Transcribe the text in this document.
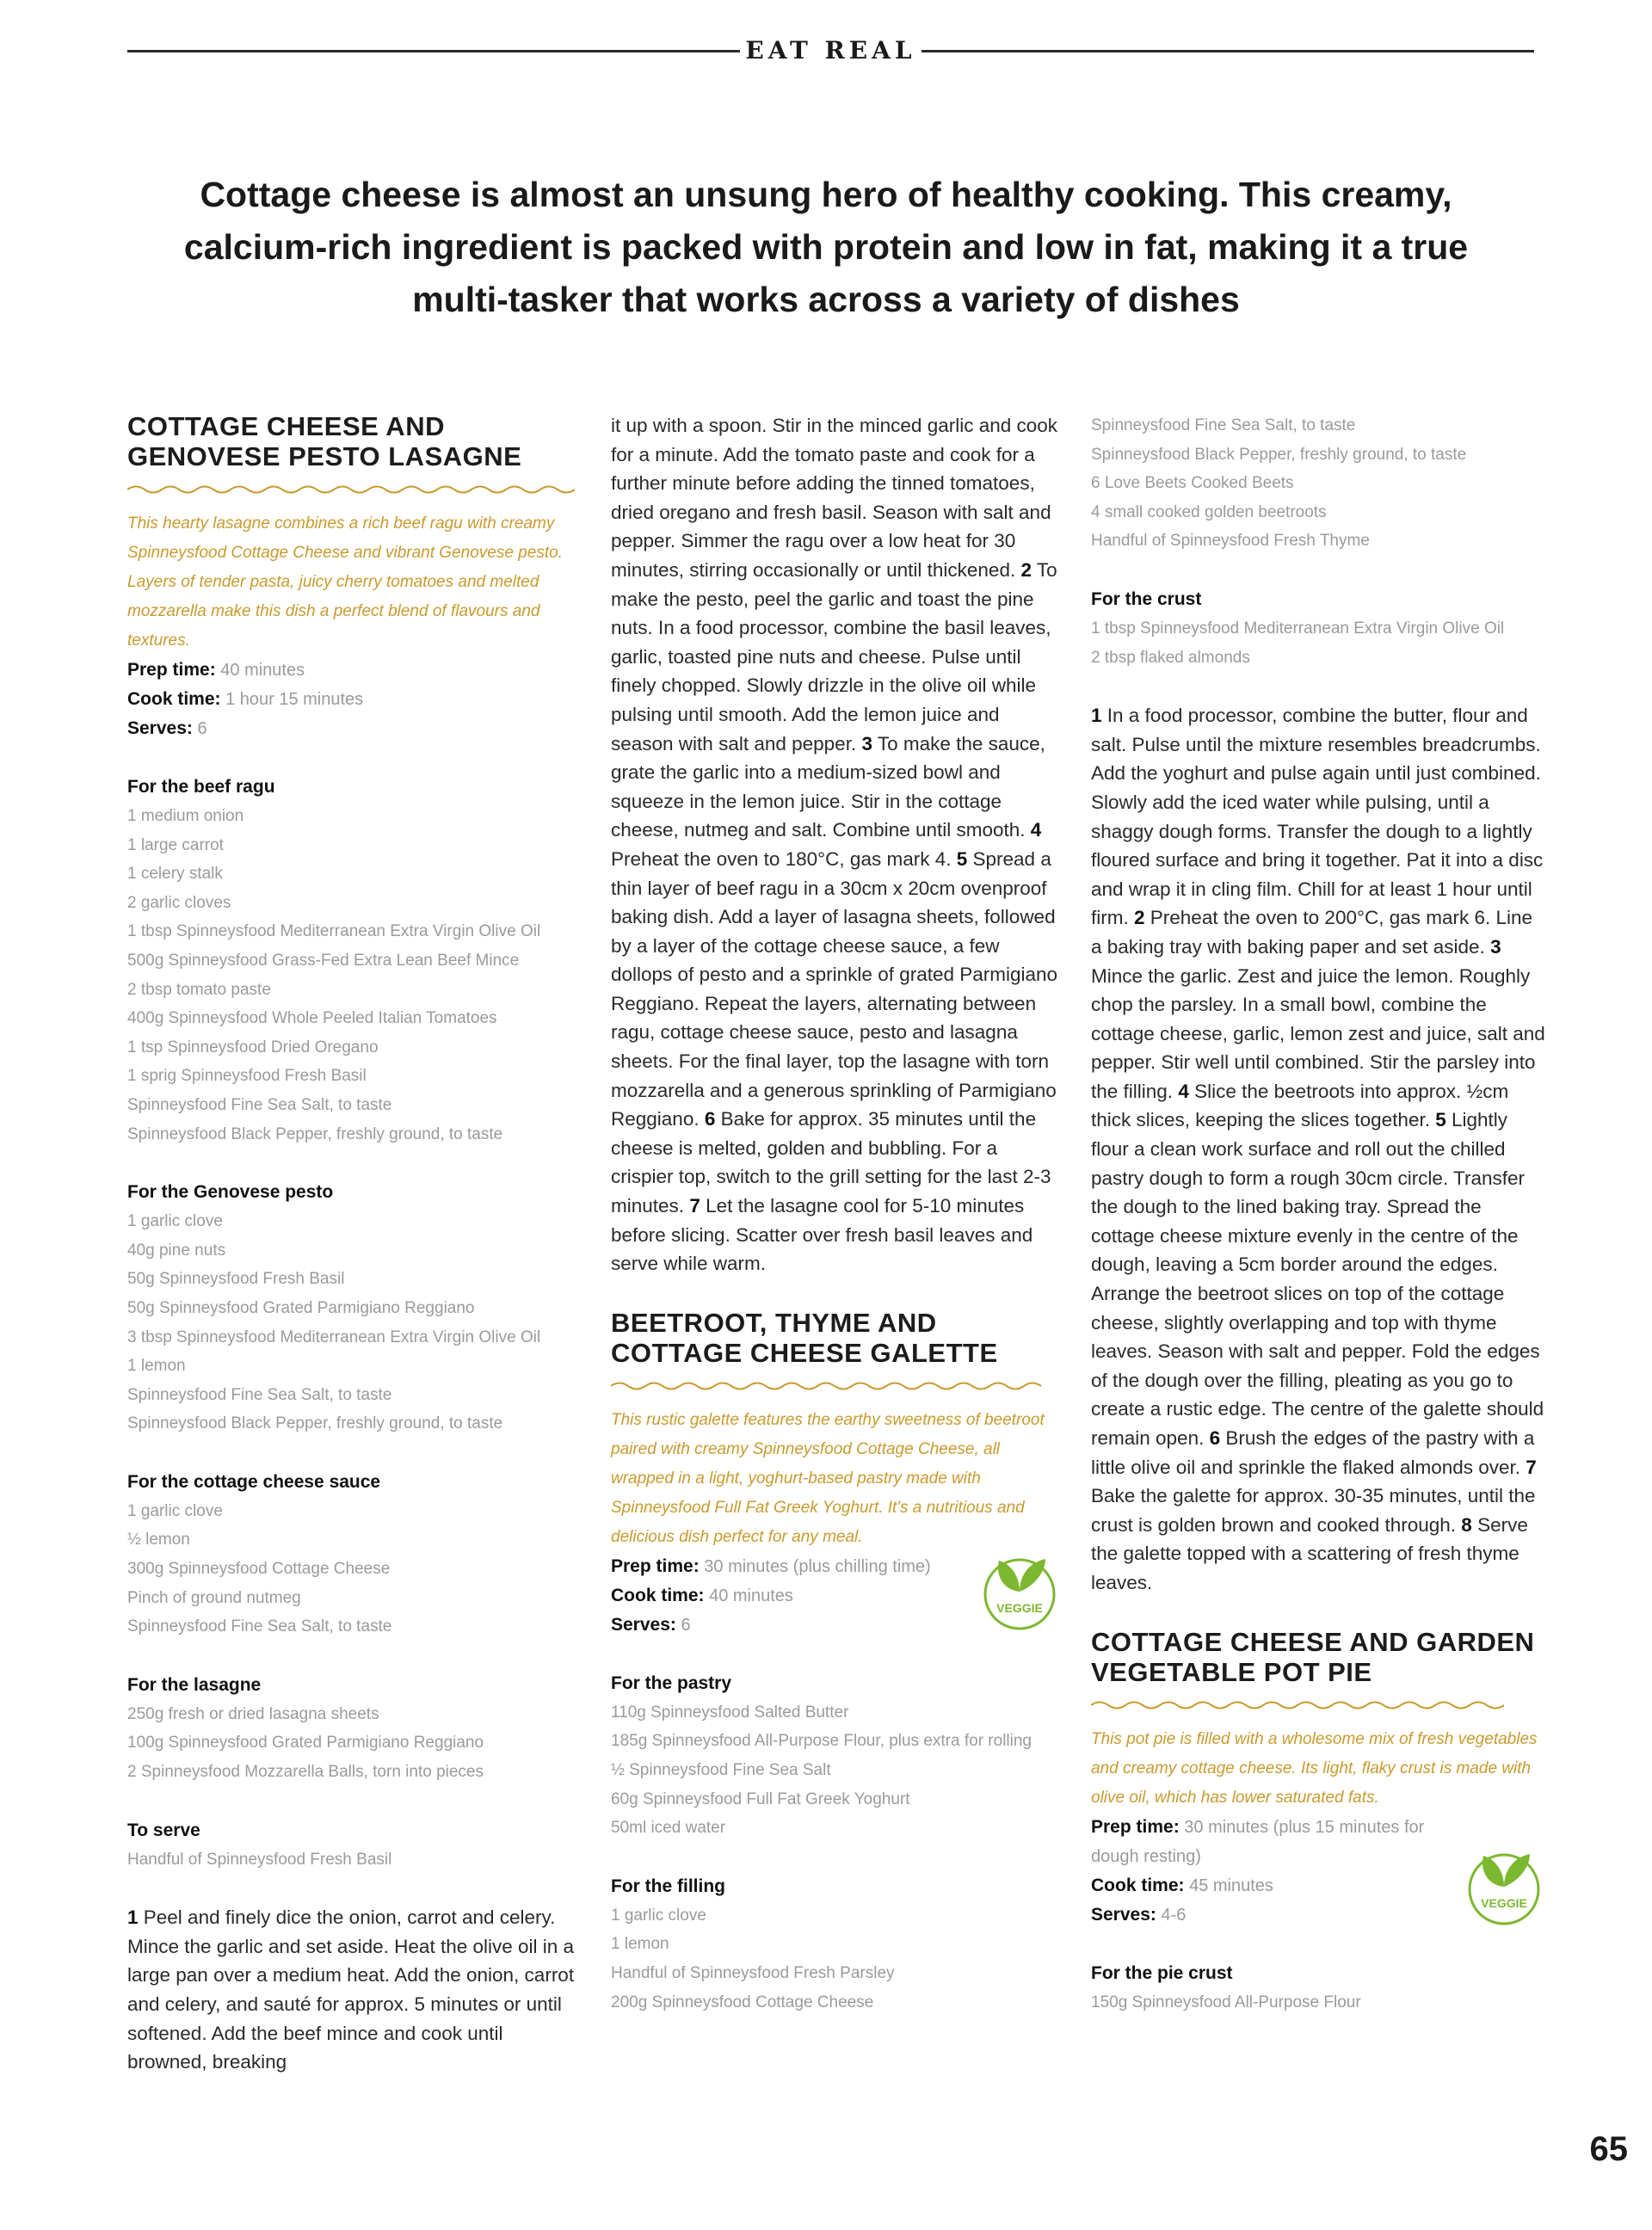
EAT REAL
Cottage cheese is almost an unsung hero of healthy cooking. This creamy, calcium-rich ingredient is packed with protein and low in fat, making it a true multi-tasker that works across a variety of dishes
COTTAGE CHEESE AND GENOVESE PESTO LASAGNE

This hearty lasagne combines a rich beef ragu with creamy Spinneysfood Cottage Cheese and vibrant Genovese pesto. Layers of tender pasta, juicy cherry tomatoes and melted mozzarella make this dish a perfect blend of flavours and textures.

Prep time: 40 minutes
Cook time: 1 hour 15 minutes
Serves: 6
For the beef ragu
1 medium onion
1 large carrot
1 celery stalk
2 garlic cloves
1 tbsp Spinneysfood Mediterranean Extra Virgin Olive Oil
500g Spinneysfood Grass-Fed Extra Lean Beef Mince
2 tbsp tomato paste
400g Spinneysfood Whole Peeled Italian Tomatoes
1 tsp Spinneysfood Dried Oregano
1 sprig Spinneysfood Fresh Basil
Spinneysfood Fine Sea Salt, to taste
Spinneysfood Black Pepper, freshly ground, to taste
For the Genovese pesto
1 garlic clove
40g pine nuts
50g Spinneysfood Fresh Basil
50g Spinneysfood Grated Parmigiano Reggiano
3 tbsp Spinneysfood Mediterranean Extra Virgin Olive Oil
1 lemon
Spinneysfood Fine Sea Salt, to taste
Spinneysfood Black Pepper, freshly ground, to taste
For the cottage cheese sauce
1 garlic clove
½ lemon
300g Spinneysfood Cottage Cheese
Pinch of ground nutmeg
Spinneysfood Fine Sea Salt, to taste
For the lasagne
250g fresh or dried lasagna sheets
100g Spinneysfood Grated Parmigiano Reggiano
2 Spinneysfood Mozzarella Balls, torn into pieces
To serve
Handful of Spinneysfood Fresh Basil
1 Peel and finely dice the onion, carrot and celery. Mince the garlic and set aside. Heat the olive oil in a large pan over a medium heat. Add the onion, carrot and celery, and sauté for approx. 5 minutes or until softened. Add the beef mince and cook until browned, breaking
it up with a spoon. Stir in the minced garlic and cook for a minute. Add the tomato paste and cook for a further minute before adding the tinned tomatoes, dried oregano and fresh basil. Season with salt and pepper. Simmer the ragu over a low heat for 30 minutes, stirring occasionally or until thickened. 2 To make the pesto, peel the garlic and toast the pine nuts. In a food processor, combine the basil leaves, garlic, toasted pine nuts and cheese. Pulse until finely chopped. Slowly drizzle in the olive oil while pulsing until smooth. Add the lemon juice and season with salt and pepper. 3 To make the sauce, grate the garlic into a medium-sized bowl and squeeze in the lemon juice. Stir in the cottage cheese, nutmeg and salt. Combine until smooth. 4 Preheat the oven to 180°C, gas mark 4. 5 Spread a thin layer of beef ragu in a 30cm x 20cm ovenproof baking dish. Add a layer of lasagna sheets, followed by a layer of the cottage cheese sauce, a few dollops of pesto and a sprinkle of grated Parmigiano Reggiano. Repeat the layers, alternating between ragu, cottage cheese sauce, pesto and lasagna sheets. For the final layer, top the lasagne with torn mozzarella and a generous sprinkling of Parmigiano Reggiano. 6 Bake for approx. 35 minutes until the cheese is melted, golden and bubbling. For a crispier top, switch to the grill setting for the last 2-3 minutes. 7 Let the lasagne cool for 5-10 minutes before slicing. Scatter over fresh basil leaves and serve while warm.
BEETROOT, THYME AND COTTAGE CHEESE GALETTE

This rustic galette features the earthy sweetness of beetroot paired with creamy Spinneysfood Cottage Cheese, all wrapped in a light, yoghurt-based pastry made with Spinneysfood Full Fat Greek Yoghurt. It's a nutritious and delicious dish perfect for any meal.

Prep time: 30 minutes (plus chilling time)
Cook time: 40 minutes
Serves: 6
VEGGIE
For the pastry
110g Spinneysfood Salted Butter
185g Spinneysfood All-Purpose Flour, plus extra for rolling
½ Spinneysfood Fine Sea Salt
60g Spinneysfood Full Fat Greek Yoghurt
50ml iced water
For the filling
1 garlic clove
1 lemon
Handful of Spinneysfood Fresh Parsley
200g Spinneysfood Cottage Cheese
Spinneysfood Fine Sea Salt, to taste
Spinneysfood Black Pepper, freshly ground, to taste
6 Love Beets Cooked Beets
4 small cooked golden beetroots
Handful of Spinneysfood Fresh Thyme
For the crust
1 tbsp Spinneysfood Mediterranean Extra Virgin Olive Oil
2 tbsp flaked almonds
1 In a food processor, combine the butter, flour and salt. Pulse until the mixture resembles breadcrumbs. Add the yoghurt and pulse again until just combined. Slowly add the iced water while pulsing, until a shaggy dough forms. Transfer the dough to a lightly floured surface and bring it together. Pat it into a disc and wrap it in cling film. Chill for at least 1 hour until firm. 2 Preheat the oven to 200°C, gas mark 6. Line a baking tray with baking paper and set aside. 3 Mince the garlic. Zest and juice the lemon. Roughly chop the parsley. In a small bowl, combine the cottage cheese, garlic, lemon zest and juice, salt and pepper. Stir well until combined. Stir the parsley into the filling. 4 Slice the beetroots into approx. ½cm thick slices, keeping the slices together. 5 Lightly flour a clean work surface and roll out the chilled pastry dough to form a rough 30cm circle. Transfer the dough to the lined baking tray. Spread the cottage cheese mixture evenly in the centre of the dough, leaving a 5cm border around the edges. Arrange the beetroot slices on top of the cottage cheese, slightly overlapping and top with thyme leaves. Season with salt and pepper. Fold the edges of the dough over the filling, pleating as you go to create a rustic edge. The centre of the galette should remain open. 6 Brush the edges of the pastry with a little olive oil and sprinkle the flaked almonds over. 7 Bake the galette for approx. 30-35 minutes, until the crust is golden brown and cooked through. 8 Serve the galette topped with a scattering of fresh thyme leaves.
COTTAGE CHEESE AND GARDEN VEGETABLE POT PIE

This pot pie is filled with a wholesome mix of fresh vegetables and creamy cottage cheese. Its light, flaky crust is made with olive oil, which has lower saturated fats.

Prep time: 30 minutes (plus 15 minutes for dough resting)
Cook time: 45 minutes
Serves: 4-6
VEGGIE
For the pie crust
150g Spinneysfood All-Purpose Flour
65
